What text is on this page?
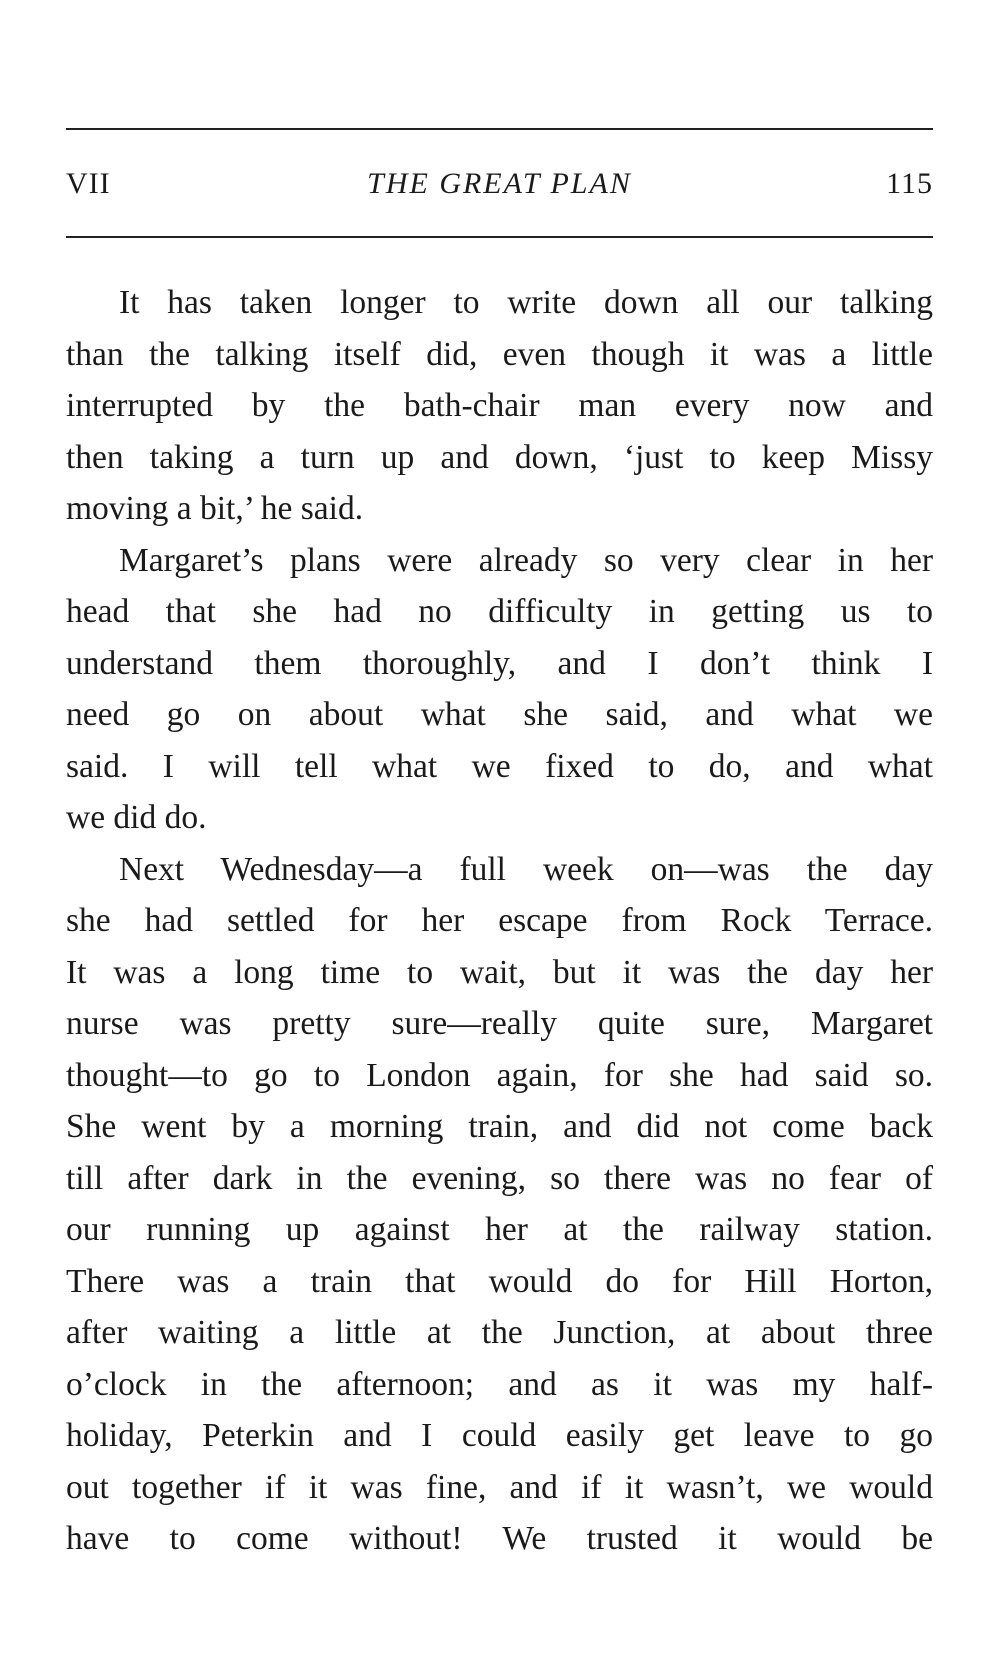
VII	THE GREAT PLAN	115
It has taken longer to write down all our talking
than the talking itself did, even though it was a little
interrupted by the bath-chair man every now and
then taking a turn up and down, ‘just to keep Missy
moving a bit,’ he said.
Margaret’s plans were already so very clear in her
head that she had no difficulty in getting us to
understand them thoroughly, and I don’t think I
need go on about what she said, and what we
said. I will tell what we fixed to do, and what
we did do.
Next Wednesday—a full week on—was the day
she had settled for her escape from Rock Terrace.
It was a long time to wait, but it was the day her
nurse was pretty sure—really quite sure, Margaret
thought—to go to London again, for she had said so.
She went by a morning train, and did not come back
till after dark in the evening, so there was no fear of
our running up against her at the railway station.
There was a train that would do for Hill Horton,
after waiting a little at the Junction, at about three
o’clock in the afternoon; and as it was my half-
holiday, Peterkin and I could easily get leave to go
out together if it was fine, and if it wasn’t, we would
have to come without! We trusted it would be
